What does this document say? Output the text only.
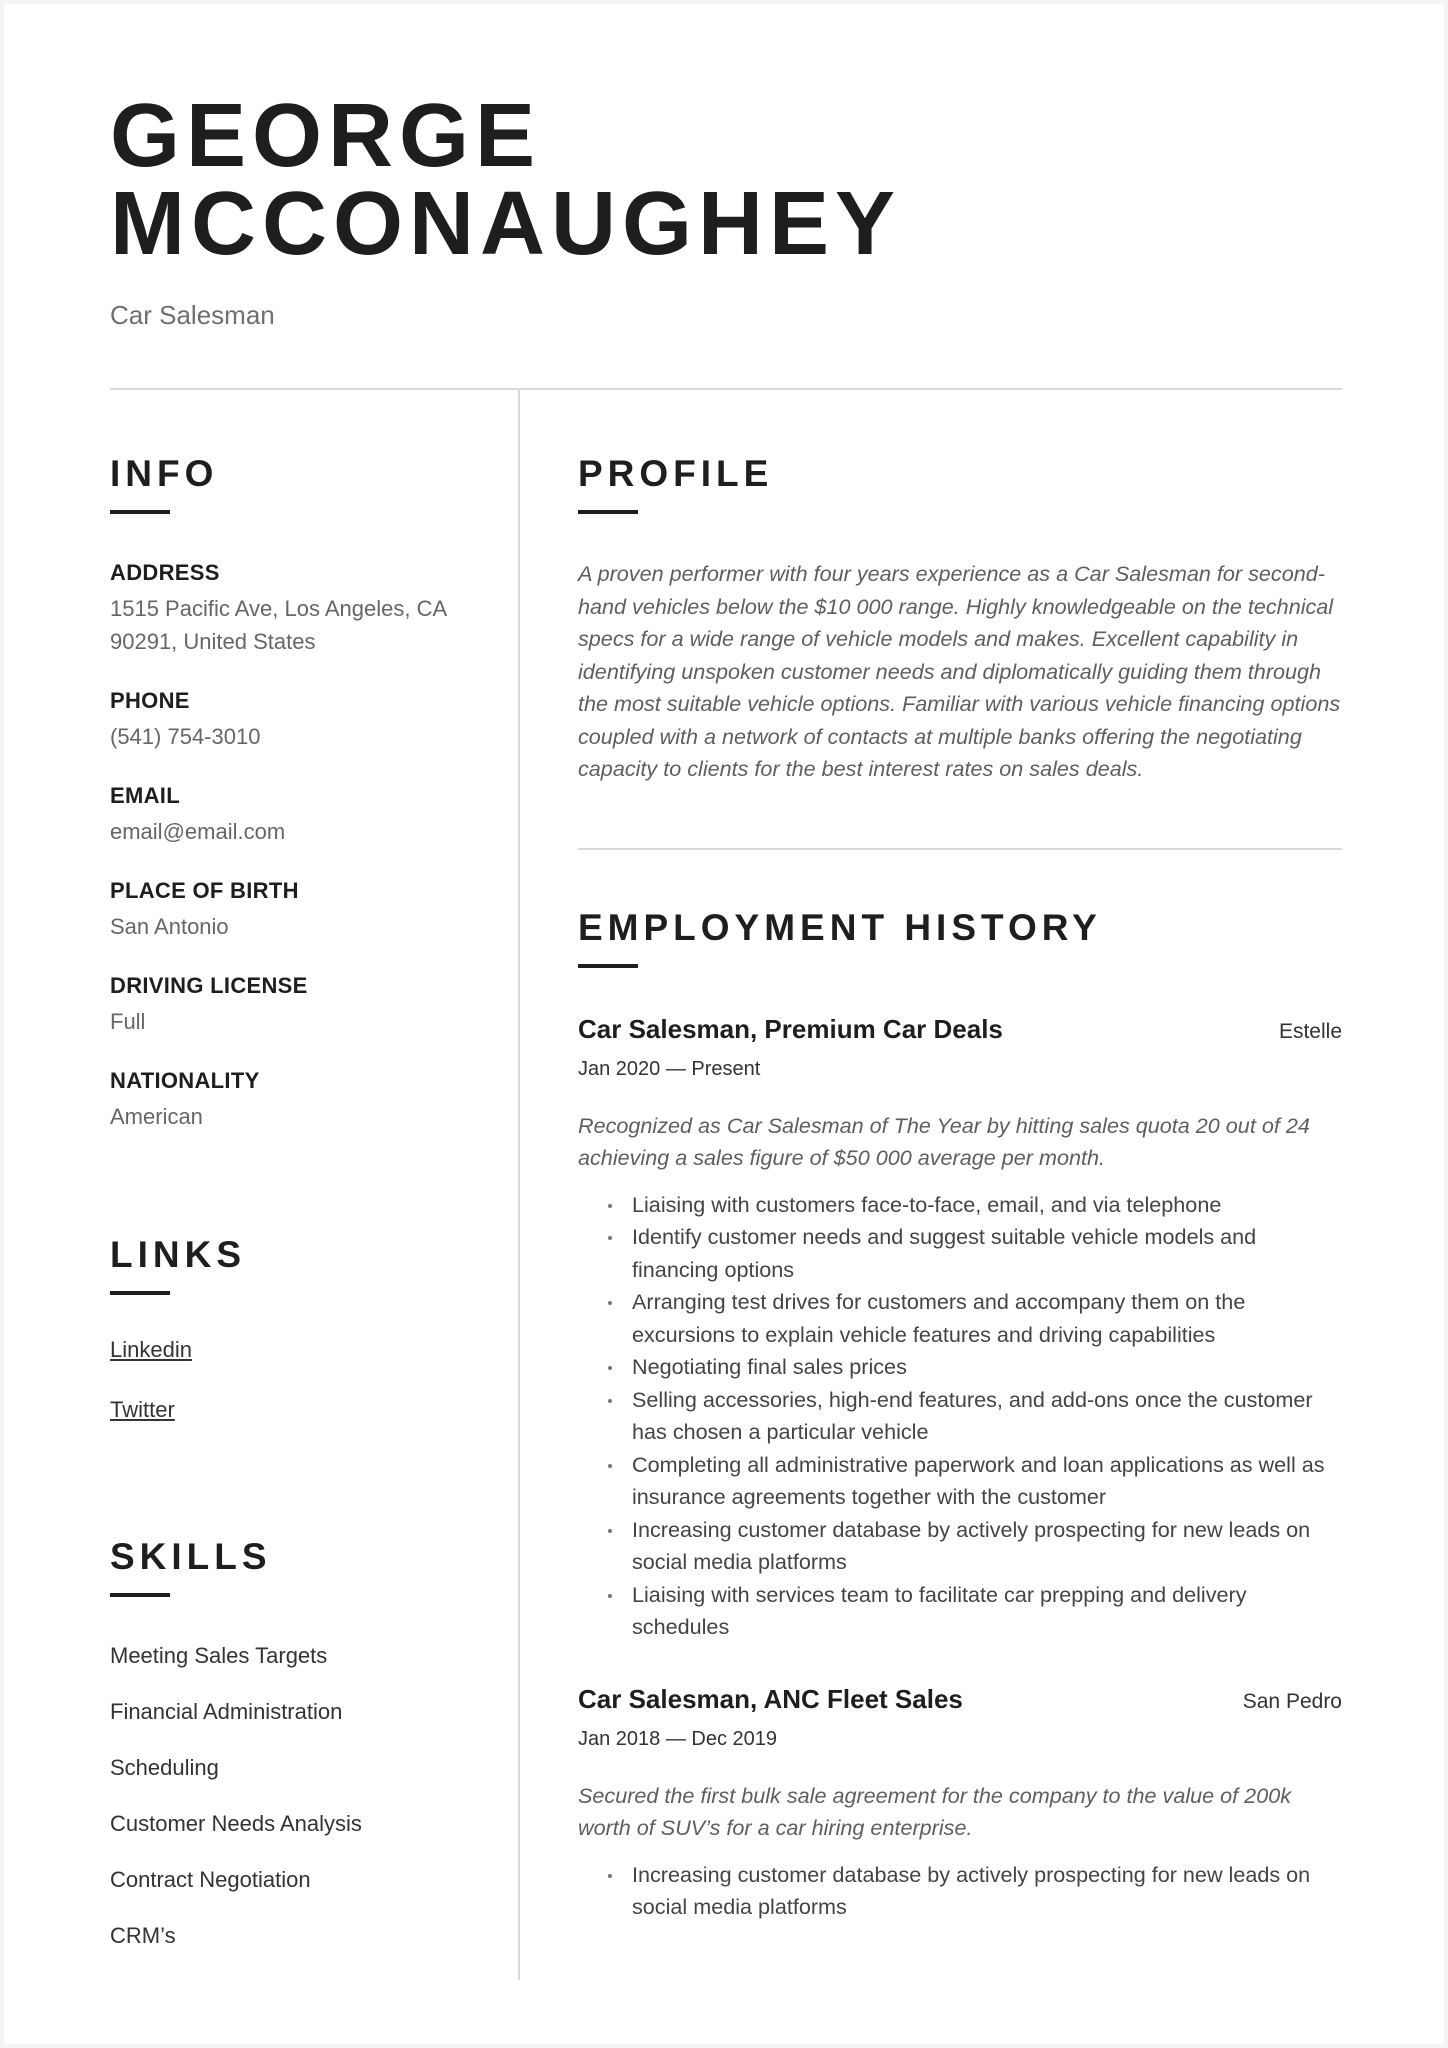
GEORGE
MCCONAUGHEY
Car Salesman
INFO
ADDRESS
1515 Pacific Ave, Los Angeles, CA 90291, United States
PHONE
(541) 754-3010
EMAIL
email@email.com
PLACE OF BIRTH
San Antonio
DRIVING LICENSE
Full
NATIONALITY
American
LINKS
Linkedin
Twitter
SKILLS
Meeting Sales Targets
Financial Administration
Scheduling
Customer Needs Analysis
Contract Negotiation
CRM’s
PROFILE

A proven performer with four years experience as a Car Salesman for second-hand vehicles below the $10 000 range. Highly knowledgeable on the technical specs for a wide range of vehicle models and makes. Excellent capability in identifying unspoken customer needs and diplomatically guiding them through the most suitable vehicle options. Familiar with various vehicle financing options coupled with a network of contacts at multiple banks offering the negotiating capacity to clients for the best interest rates on sales deals.

EMPLOYMENT HISTORY
Car Salesman, Premium Car Deals	Estelle
Jan 2020 — Present

Recognized as Car Salesman of The Year by hitting sales quota 20 out of 24 achieving a sales figure of $50 000 average per month.

Liaising with customers face-to-face, email, and via telephone
Identify customer needs and suggest suitable vehicle models and financing options
Arranging test drives for customers and accompany them on the excursions to explain vehicle features and driving capabilities
Negotiating final sales prices
Selling accessories, high-end features, and add-ons once the customer has chosen a particular vehicle
Completing all administrative paperwork and loan applications as well as insurance agreements together with the customer
Increasing customer database by actively prospecting for new leads on social media platforms
Liaising with services team to facilitate car prepping and delivery schedules
Car Salesman, ANC Fleet Sales	San Pedro
Jan 2018 — Dec 2019

Secured the first bulk sale agreement for the company to the value of 200k worth of SUV’s for a car hiring enterprise.

Increasing customer database by actively prospecting for new leads on social media platforms
